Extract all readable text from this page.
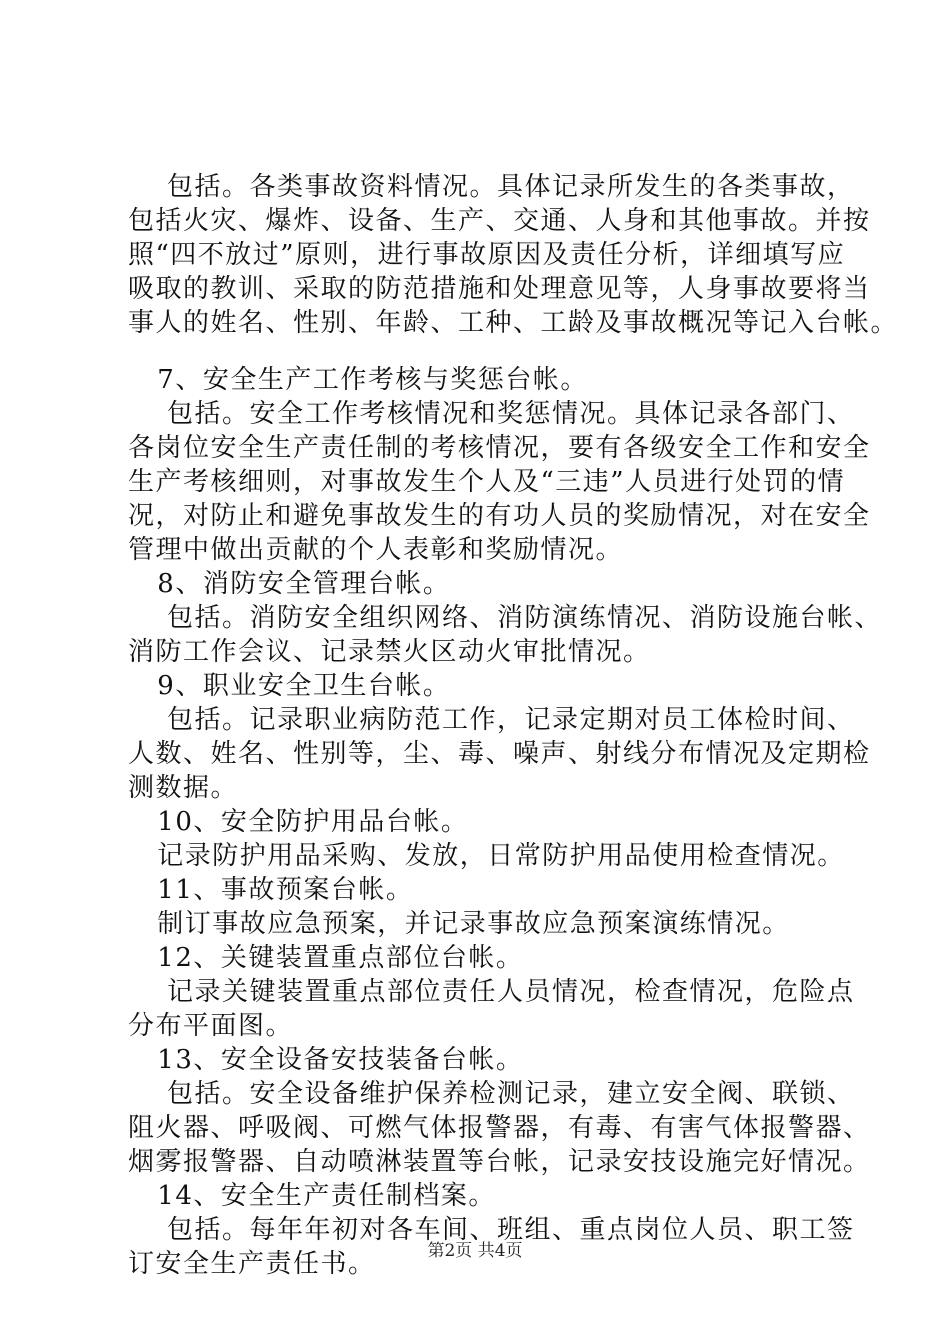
包括。各类事故资料情况。具体记录所发生的各类事故，
包括火灾、爆炸、设备、生产、交通、人身和其他事故。并按
照“四不放过”原则，进行事故原因及责任分析，详细填写应
吸取的教训、采取的防范措施和处理意见等，人身事故要将当
事人的姓名、性别、年龄、工种、工龄及事故概况等记入台帐。
7、安全生产工作考核与奖惩台帐。
包括。安全工作考核情况和奖惩情况。具体记录各部门、
各岗位安全生产责任制的考核情况，要有各级安全工作和安全
生产考核细则，对事故发生个人及“三违”人员进行处罚的情
况，对防止和避免事故发生的有功人员的奖励情况，对在安全
管理中做出贡献的个人表彰和奖励情况。
8、消防安全管理台帐。
包括。消防安全组织网络、消防演练情况、消防设施台帐、
消防工作会议、记录禁火区动火审批情况。
9、职业安全卫生台帐。
包括。记录职业病防范工作，记录定期对员工体检时间、
人数、姓名、性别等，尘、毒、噪声、射线分布情况及定期检
测数据。
10、安全防护用品台帐。
记录防护用品采购、发放，日常防护用品使用检查情况。
11、事故预案台帐。
制订事故应急预案，并记录事故应急预案演练情况。
12、关键装置重点部位台帐。
记录关键装置重点部位责任人员情况，检查情况，危险点
分布平面图。
13、安全设备安技装备台帐。
包括。安全设备维护保养检测记录，建立安全阀、联锁、
阻火器、呼吸阀、可燃气体报警器，有毒、有害气体报警器、
烟雾报警器、自动喷淋装置等台帐，记录安技设施完好情况。
14、安全生产责任制档案。
包括。每年年初对各车间、班组、重点岗位人员、职工签
订安全生产责任书。	第2页 共4页
